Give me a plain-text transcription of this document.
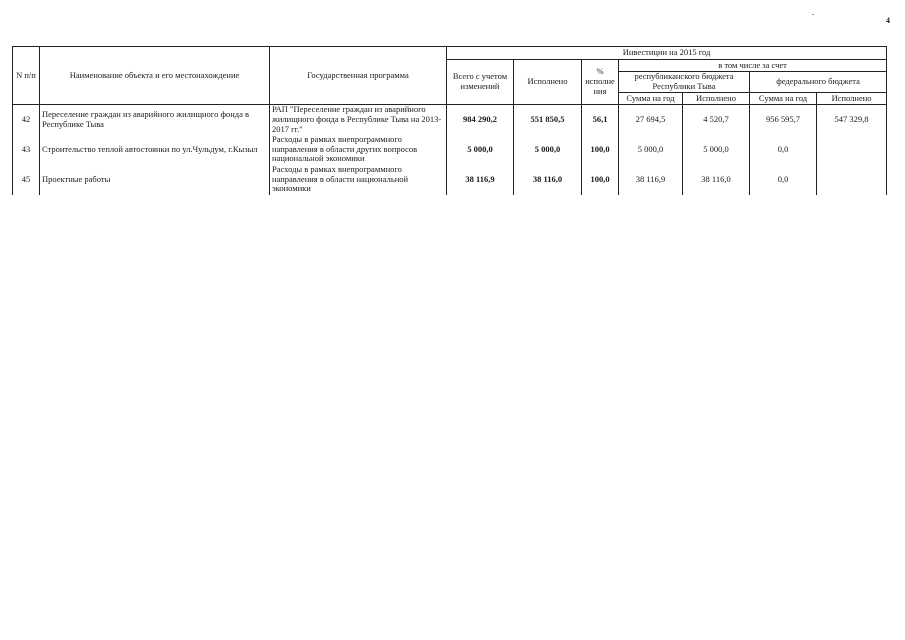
4
N п/п	Наименование объекта и его местонахождение	Государственная программа	Инвестиции на 2015 год						
			Всего с учетом изменений	Исполнено	% исполне ния	в том числе за счет			
						республиканского бюджета Республики Тыва		федерального бюджета	
						Сумма на год	Исполнено	Сумма на год	Исполнено
42	Переселение граждан из аварийного жилищного фонда в Республике Тыва	РАП "Переселение граждан из аварийного жилищного фонда в Республике Тыва на 2013-2017 гг."	984 290,2	551 850,5	56,1	27 694,5	4 520,7	956 595,7	547 329,8
43	Строительство теплой автостоянки по ул.Чульдум, г.Кызыл	Расходы в рамках внепрограммного направления в области других вопросов национальной экономики	5 000,0	5 000,0	100,0	5 000,0	5 000,0	0,0	
45	Проектные работы	Расходы в рамках внепрограммного направления в области национальной экономики	38 116,9	38 116,0	100,0	38 116,9	38 116,0	0,0	
